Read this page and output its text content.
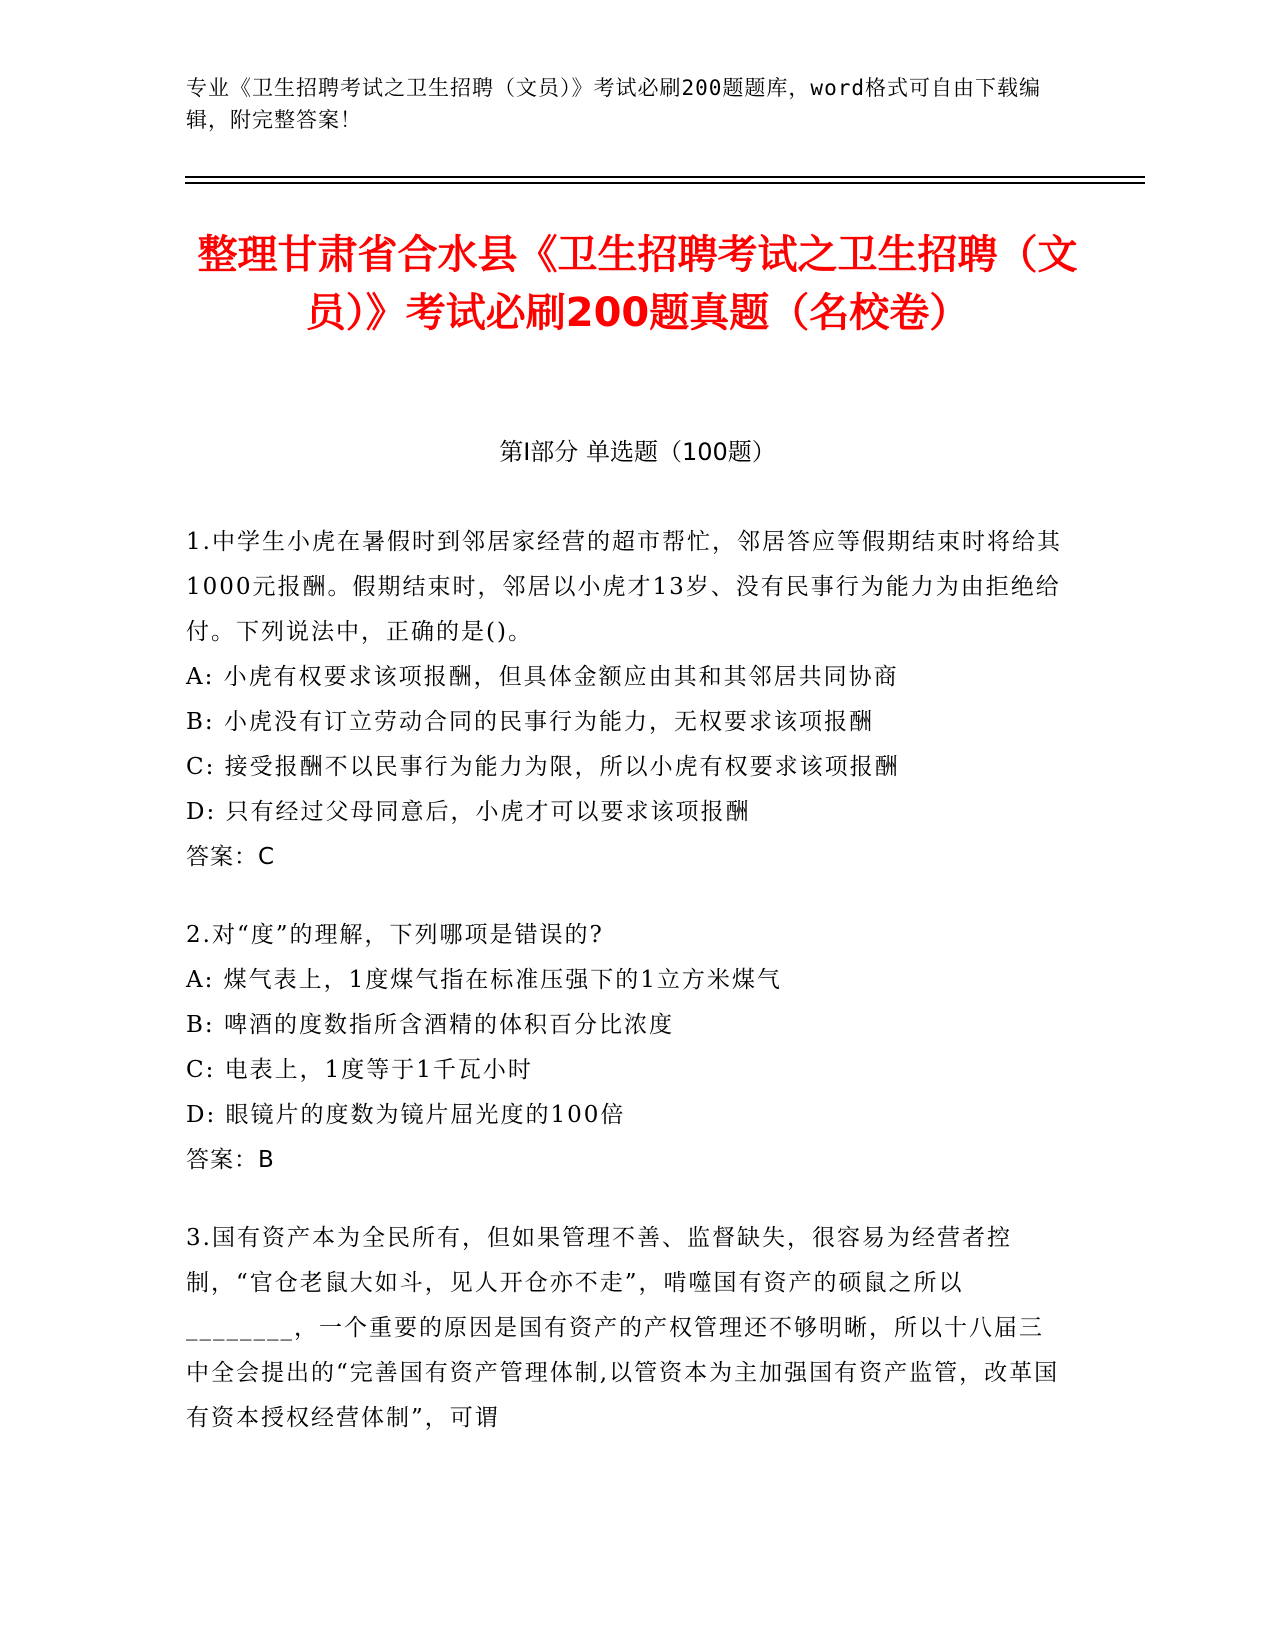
专业《卫生招聘考试之卫生招聘（文员）》考试必刷200题题库，word格式可自由下载编辑，附完整答案！
整理甘肃省合水县《卫生招聘考试之卫生招聘（文员）》考试必刷200题真题（名校卷）
第Ⅰ部分 单选题（100题）

1.中学生小虎在暑假时到邻居家经营的超市帮忙，邻居答应等假期结束时将给其1000元报酬。假期结束时，邻居以小虎才13岁、没有民事行为能力为由拒绝给付。下列说法中，正确的是()。

A: 小虎有权要求该项报酬，但具体金额应由其和其邻居共同协商

B: 小虎没有订立劳动合同的民事行为能力，无权要求该项报酬

C: 接受报酬不以民事行为能力为限，所以小虎有权要求该项报酬

D: 只有经过父母同意后，小虎才可以要求该项报酬

答案：C

2.对“度”的理解，下列哪项是错误的?

A: 煤气表上，1度煤气指在标准压强下的1立方米煤气

B: 啤酒的度数指所含酒精的体积百分比浓度

C: 电表上，1度等于1千瓦小时

D: 眼镜片的度数为镜片屈光度的100倍

答案：B

3.国有资产本为全民所有，但如果管理不善、监督缺失，很容易为经营者控制，“官仓老鼠大如斗，见人开仓亦不走”，啃噬国有资产的硕鼠之所以________，一个重要的原因是国有资产的产权管理还不够明晰，所以十八届三中全会提出的“完善国有资产管理体制,以管资本为主加强国有资产监管，改革国有资本授权经营体制”，可谓
